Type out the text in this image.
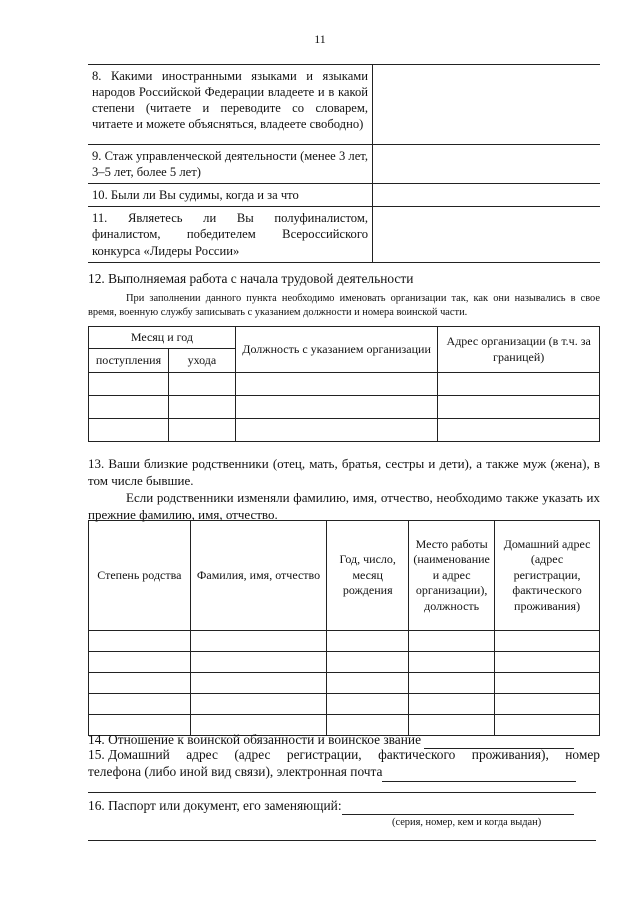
11
8. Какими иностранными языками и языками народов Российской Федерации владеете и в какой степени (читаете и переводите со словарем, читаете и можете объясняться, владеете свободно)	
9. Стаж управленческой деятельности (менее 3 лет, 3–5 лет, более 5 лет)	
10. Были ли Вы судимы, когда и за что	
11. Являетесь ли Вы полуфиналистом, финалистом, победителем Всероссийского конкурса «Лидеры России»	
12. Выполняемая работа с начала трудовой деятельности
При заполнении данного пункта необходимо именовать организации так, как они назывались в свое время, военную службу записывать с указанием должности и номера воинской части.
Месяц и год		Должность с указанием организации	Адрес организации (в т.ч. за границей)
поступления	ухода		

13. Ваши близкие родственники (отец, мать, братья, сестры и дети), а также муж (жена), в том числе бывшие.
Если родственники изменяли фамилию, имя, отчество, необходимо также указать их прежние фамилию, имя, отчество.
Степень родства	Фамилия, имя, отчество	Год, число, месяц рождения	Место работы (наименование и адрес организации), должность	Домашний адрес (адрес регистрации, фактического проживания)

14. Отношение к воинской обязанности и воинское звание
15. Домашний адрес (адрес регистрации, фактического проживания), номер
телефона (либо иной вид связи), электронная почта
16. Паспорт или документ, его заменяющий:
(серия, номер, кем и когда выдан)
